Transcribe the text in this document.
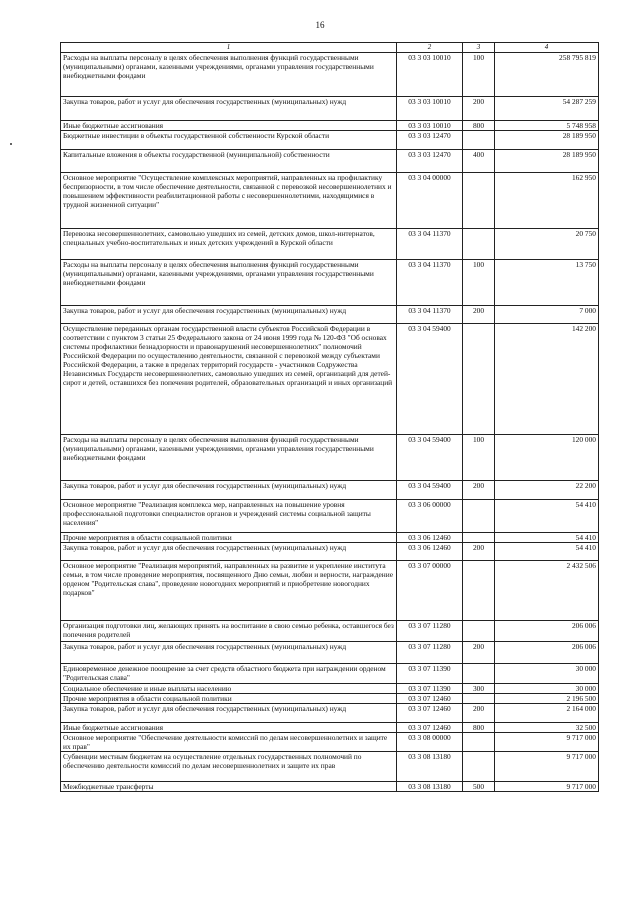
16
1	2	3	4
Расходы на выплаты персоналу в целях обеспечения выполнения функций государственными (муниципальными) органами, казенными учреждениями, органами управления государственными внебюджетными фондами	03 3 03 10010	100	258 795 819
Закупка товаров, работ и услуг для обеспечения государственных (муниципальных) нужд	03 3 03 10010	200	54 287 259
Иные бюджетные ассигнования	03 3 03 10010	800	5 748 958
Бюджетные инвестиции в объекты государственной собственности Курской области	03 3 03 12470		28 189 950
Капитальные вложения в объекты государственной (муниципальной) собственности	03 3 03 12470	400	28 189 950
Основное мероприятие "Осуществление комплексных мероприятий, направленных на профилактику беспризорности, в том числе обеспечение деятельности, связанной с перевозкой несовершеннолетних и повышением эффективности реабилитационной работы с несовершеннолетними, находящимися в трудной жизненной ситуации"	03 3 04 00000		162 950
Перевозка несовершеннолетних, самовольно ушедших из семей, детских домов, школ-интернатов, специальных учебно-воспитательных и иных детских учреждений в Курской области	03 3 04 11370		20 750
Расходы на выплаты персоналу в целях обеспечения выполнения функций государственными (муниципальными) органами, казенными учреждениями, органами управления государственными внебюджетными фондами	03 3 04 11370	100	13 750
Закупка товаров, работ и услуг для обеспечения государственных (муниципальных) нужд	03 3 04 11370	200	7 000
Осуществление переданных органам государственной власти субъектов Российской Федерации в соответствии с пунктом 3 статьи 25 Федерального закона от 24 июня 1999 года № 120-ФЗ "Об основах системы профилактики безнадзорности и правонарушений несовершеннолетних" полномочий Российской Федерации по осуществлению деятельности, связанной с перевозкой между субъектами Российской Федерации, а также в пределах территорий государств - участников Содружества Независимых Государств несовершеннолетних, самовольно ушедших из семей, организаций для детей-сирот и детей, оставшихся без попечения родителей, образовательных организаций и иных организаций	03 3 04 59400		142 200
Расходы на выплаты персоналу в целях обеспечения выполнения функций государственными (муниципальными) органами, казенными учреждениями, органами управления государственными внебюджетными фондами	03 3 04 59400	100	120 000
Закупка товаров, работ и услуг для обеспечения государственных (муниципальных) нужд	03 3 04 59400	200	22 200
Основное мероприятие "Реализация комплекса мер, направленных на повышение уровня профессиональной подготовки специалистов органов и учреждений системы социальной защиты населения"	03 3 06 00000		54 410
Прочие мероприятия в области социальной политики	03 3 06 12460		54 410
Закупка товаров, работ и услуг для обеспечения государственных (муниципальных) нужд	03 3 06 12460	200	54 410
Основное мероприятие "Реализация мероприятий, направленных на развитие и укрепление института семьи, в том числе проведение мероприятия, посвященного Дню семьи, любви и верности, награждение орденом "Родительская слава", проведение новогодних мероприятий и приобретение новогодних подарков"	03 3 07 00000		2 432 506
Организация подготовки лиц, желающих принять на воспитание в свою семью ребенка, оставшегося без попечения родителей	03 3 07 11280		206 006
Закупка товаров, работ и услуг для обеспечения государственных (муниципальных) нужд	03 3 07 11280	200	206 006
Единовременное денежное поощрение за счет средств областного бюджета при награждении орденом "Родительская слава"	03 3 07 11390		30 000
Социальное обеспечение и иные выплаты населению	03 3 07 11390	300	30 000
Прочие мероприятия в области социальной политики	03 3 07 12460		2 196 500
Закупка товаров, работ и услуг для обеспечения государственных (муниципальных) нужд	03 3 07 12460	200	2 164 000
Иные бюджетные ассигнования	03 3 07 12460	800	32 500
Основное мероприятие "Обеспечение деятельности комиссий по делам несовершеннолетних и защите их прав"	03 3 08 00000		9 717 000
Субвенции местным бюджетам на осуществление отдельных государственных полномочий по обеспечению деятельности комиссий по делам несовершеннолетних и защите их прав	03 3 08 13180		9 717 000
Межбюджетные трансферты	03 3 08 13180	500	9 717 000
